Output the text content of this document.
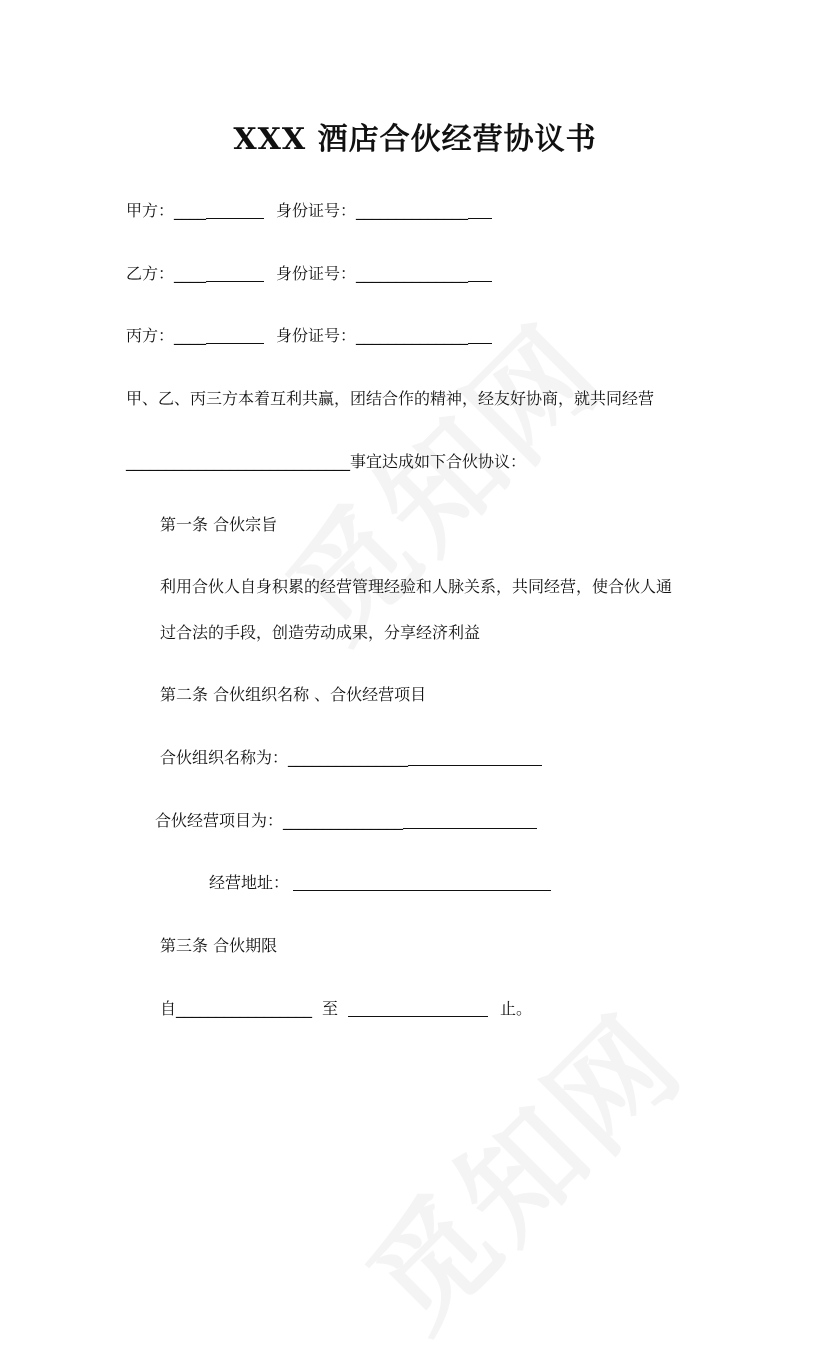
XXX 酒店合伙经营协议书
甲方： ____	身份证号： ______________
乙方： ____	身份证号： ______________
丙方： ____	身份证号： ______________
甲、乙、丙三方本着互利共赢，团结合作的精神，经友好协商，就共同经营
____________________________ 事宜达成如下合伙协议：
第一条 合伙宗旨
利用合伙人自身积累的经营管理经验和人脉关系，共同经营，使合伙人通
过合法的手段，创造劳动成果，分享经济利益
第二条 合伙组织名称 、合伙经营项目
合伙组织名称为： _______________
合伙经营项目为： _______________
经营地址：
第三条 合伙期限
自 _________________ 至	止。
